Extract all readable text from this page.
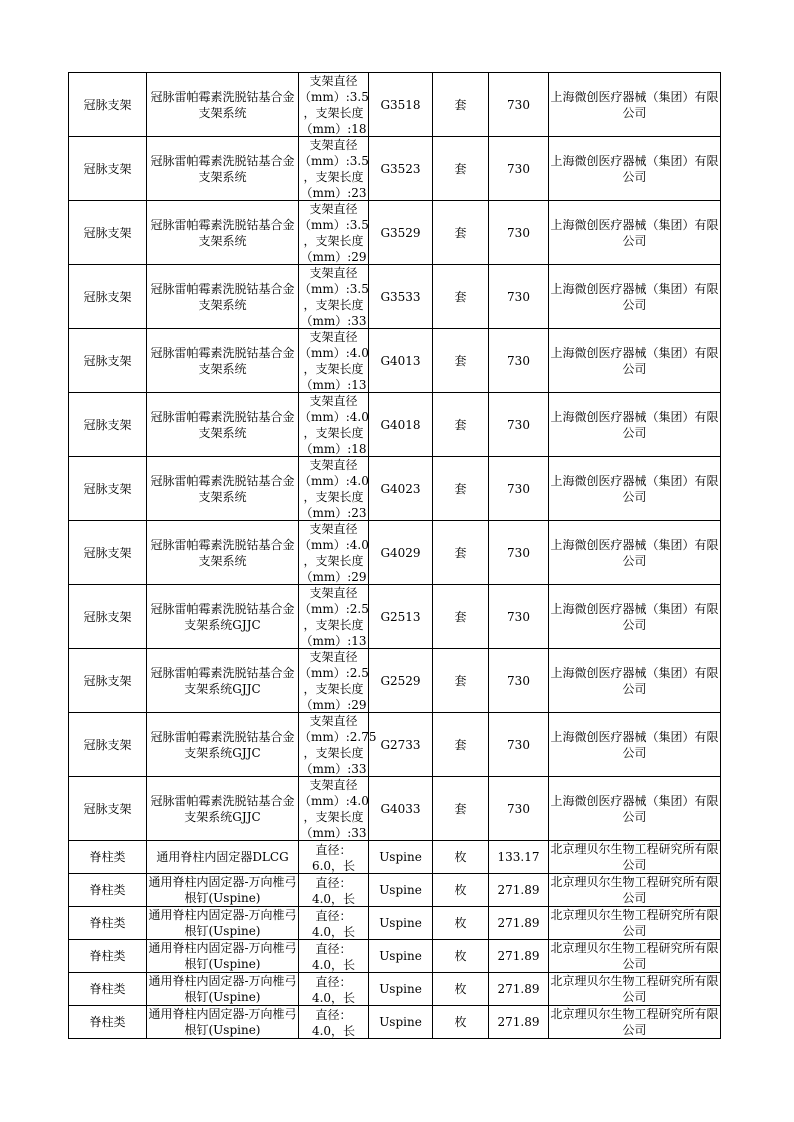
冠脉支架	冠脉雷帕霉素洗脱钴基合金支架系统	支架直径
（mm）:3.5
，支架长度
（mm）:18	G3518	套	730	上海微创医疗器械（集团）有限公司

冠脉支架	冠脉雷帕霉素洗脱钴基合金支架系统	支架直径
（mm）:3.5
，支架长度
（mm）:23	G3523	套	730	上海微创医疗器械（集团）有限公司

冠脉支架	冠脉雷帕霉素洗脱钴基合金支架系统	支架直径
（mm）:3.5
，支架长度
（mm）:29	G3529	套	730	上海微创医疗器械（集团）有限公司

冠脉支架	冠脉雷帕霉素洗脱钴基合金支架系统	支架直径
（mm）:3.5
，支架长度
（mm）:33	G3533	套	730	上海微创医疗器械（集团）有限公司

冠脉支架	冠脉雷帕霉素洗脱钴基合金支架系统	支架直径
（mm）:4.0
，支架长度
（mm）:13	G4013	套	730	上海微创医疗器械（集团）有限公司

冠脉支架	冠脉雷帕霉素洗脱钴基合金支架系统	支架直径
（mm）:4.0
，支架长度
（mm）:18	G4018	套	730	上海微创医疗器械（集团）有限公司

冠脉支架	冠脉雷帕霉素洗脱钴基合金支架系统	支架直径
（mm）:4.0
，支架长度
（mm）:23	G4023	套	730	上海微创医疗器械（集团）有限公司

冠脉支架	冠脉雷帕霉素洗脱钴基合金支架系统	支架直径
（mm）:4.0
，支架长度
（mm）:29	G4029	套	730	上海微创医疗器械（集团）有限公司

冠脉支架	冠脉雷帕霉素洗脱钴基合金支架系统GJJC	支架直径
（mm）:2.5
，支架长度
（mm）:13	G2513	套	730	上海微创医疗器械（集团）有限公司

冠脉支架	冠脉雷帕霉素洗脱钴基合金支架系统GJJC	支架直径
（mm）:2.5
，支架长度
（mm）:29	G2529	套	730	上海微创医疗器械（集团）有限公司

冠脉支架	冠脉雷帕霉素洗脱钴基合金支架系统GJJC	支架直径
（mm）:2.75
，支架长度
（mm）:33	G2733	套	730	上海微创医疗器械（集团）有限公司

冠脉支架	冠脉雷帕霉素洗脱钴基合金支架系统GJJC	支架直径
（mm）:4.0
，支架长度
（mm）:33	G4033	套	730	上海微创医疗器械（集团）有限公司

脊柱类	通用脊柱内固定器DLCG	直径：
6.0，长	Uspine	枚	133.17	北京理贝尔生物工程研究所有限公司

脊柱类	通用脊柱内固定器-万向椎弓根钉(Uspine)	直径：
4.0，长	Uspine	枚	271.89	北京理贝尔生物工程研究所有限公司

脊柱类	通用脊柱内固定器-万向椎弓根钉(Uspine)	直径：
4.0，长	Uspine	枚	271.89	北京理贝尔生物工程研究所有限公司

脊柱类	通用脊柱内固定器-万向椎弓根钉(Uspine)	直径：
4.0，长	Uspine	枚	271.89	北京理贝尔生物工程研究所有限公司

脊柱类	通用脊柱内固定器-万向椎弓根钉(Uspine)	直径：
4.0，长	Uspine	枚	271.89	北京理贝尔生物工程研究所有限公司

脊柱类	通用脊柱内固定器-万向椎弓根钉(Uspine)	直径：
4.0，长	Uspine	枚	271.89	北京理贝尔生物工程研究所有限公司
